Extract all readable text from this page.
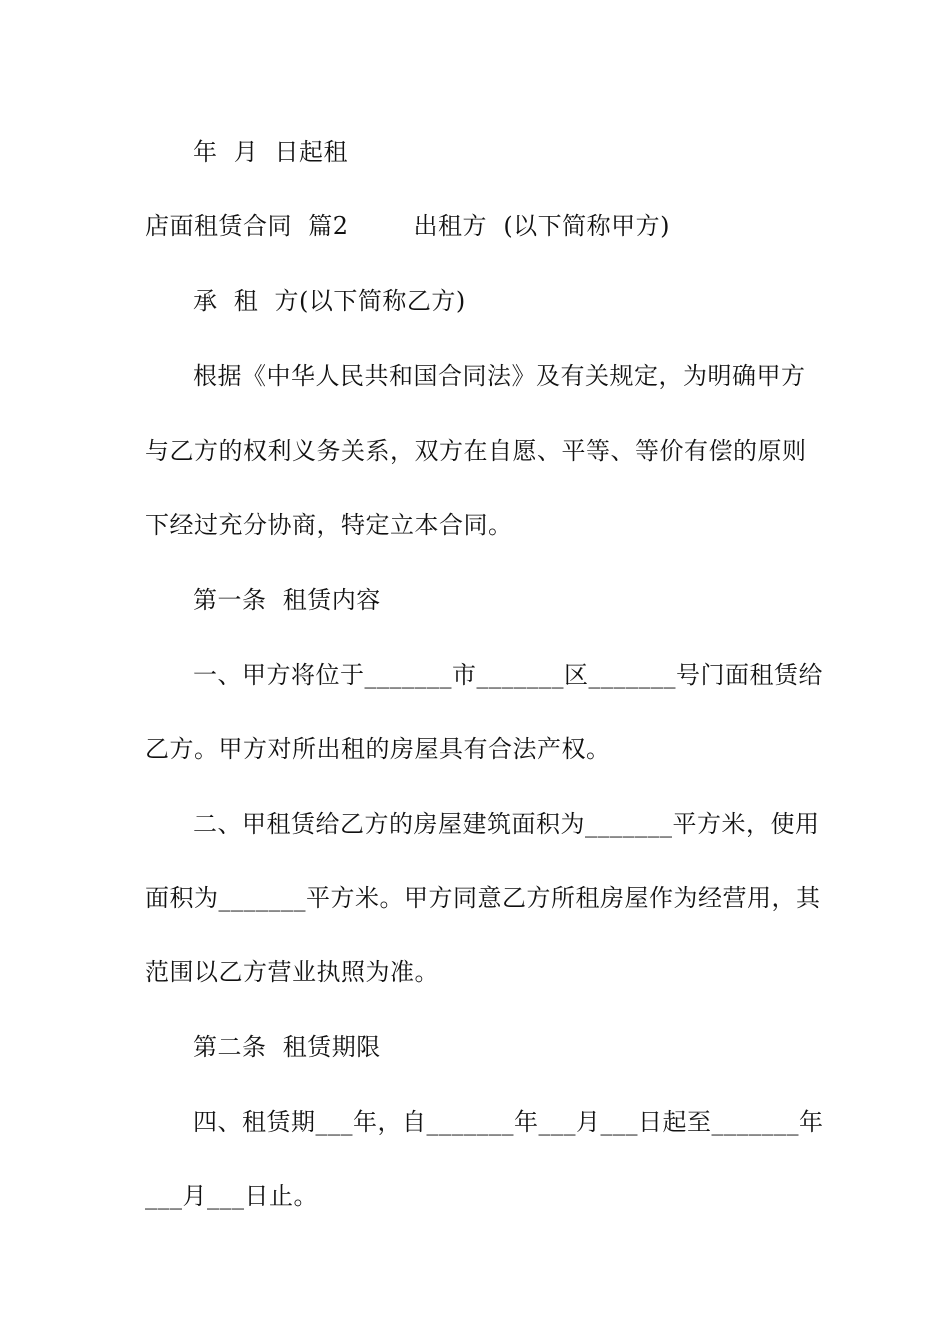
年  月  日起租
店面租赁合同  篇2        出租方  (以下简称甲方)
承  租  方(以下简称乙方)
根据《中华人民共和国合同法》及有关规定，为明确甲方
与乙方的权利义务关系，双方在自愿、平等、等价有偿的原则
下经过充分协商，特定立本合同。
第一条  租赁内容
一、甲方将位于_______市_______区_______号门面租赁给
乙方。甲方对所出租的房屋具有合法产权。
二、甲租赁给乙方的房屋建筑面积为_______平方米，使用
面积为_______平方米。甲方同意乙方所租房屋作为经营用，其
范围以乙方营业执照为准。
第二条  租赁期限
四、租赁期___年，自_______年___月___日起至_______年
___月___日止。
